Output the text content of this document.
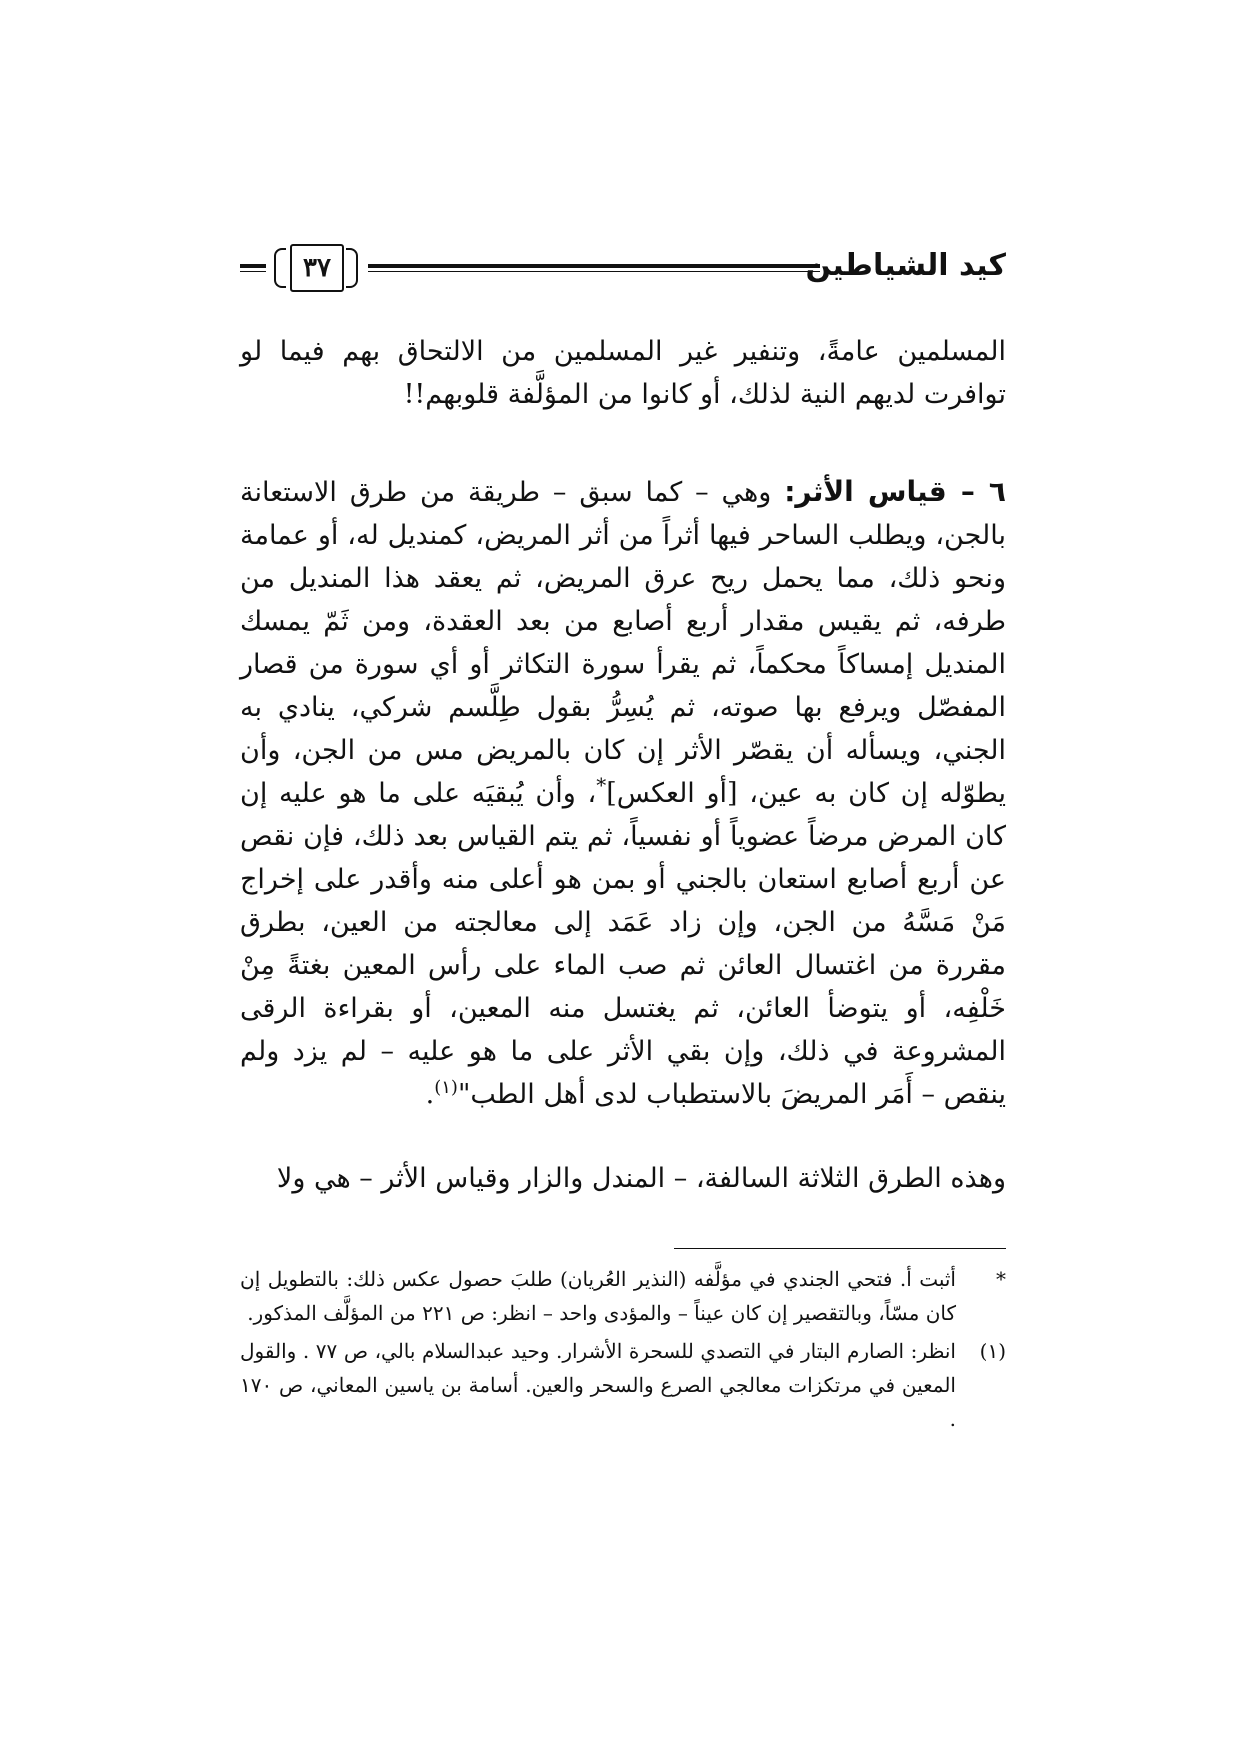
٣٧	كيد الشياطين
المسلمين عامةً، وتنفير غير المسلمين من الالتحاق بهم فيما لو توافرت لديهم النية لذلك، أو كانوا من المؤلَّفة قلوبهم!!
٦ – قياس الأثر: وهي – كما سبق – طريقة من طرق الاستعانة بالجن، ويطلب الساحر فيها أثراً من أثر المريض، كمنديل له، أو عمامة ونحو ذلك، مما يحمل ريح عرق المريض، ثم يعقد هذا المنديل من طرفه، ثم يقيس مقدار أربع أصابع من بعد العقدة، ومن ثَمّ يمسك المنديل إمساكاً محكماً، ثم يقرأ سورة التكاثر أو أي سورة من قصار المفصّل ويرفع بها صوته، ثم يُسِرُّ بقول طِلَّسم شركي، ينادي به الجني، ويسأله أن يقصّر الأثر إن كان بالمريض مس من الجن، وأن يطوّله إن كان به عين، [أو العكس]*، وأن يُبقيَه على ما هو عليه إن كان المرض مرضاً عضوياً أو نفسياً، ثم يتم القياس بعد ذلك، فإن نقص عن أربع أصابع استعان بالجني أو بمن هو أعلى منه وأقدر على إخراج مَنْ مَسَّهُ من الجن، وإن زاد عَمَد إلى معالجته من العين، بطرق مقررة من اغتسال العائن ثم صب الماء على رأس المعين بغتةً مِنْ خَلْفِه، أو يتوضأ العائن، ثم يغتسل منه المعين، أو بقراءة الرقى المشروعة في ذلك، وإن بقي الأثر على ما هو عليه – لم يزد ولم ينقص – أَمَر المريضَ بالاستطباب لدى أهل الطب"$^{(١)}$.
وهذه الطرق الثلاثة السالفة، – المندل والزار وقياس الأثر – هي ولا
*
أثبت أ. فتحي الجندي في مؤلَّفه (النذير العُريان) طلبَ حصول عكس ذلك: بالتطويل إن كان مسّاً، وبالتقصير إن كان عيناً – والمؤدى واحد – انظر: ص ٢٢١ من المؤلَّف المذكور.
(١)
انظر: الصارم البتار في التصدي للسحرة الأشرار. وحيد عبدالسلام بالي، ص ٧٧ . والقول المعين في مرتكزات معالجي الصرع والسحر والعين. أسامة بن ياسين المعاني، ص ١٧٠ .
